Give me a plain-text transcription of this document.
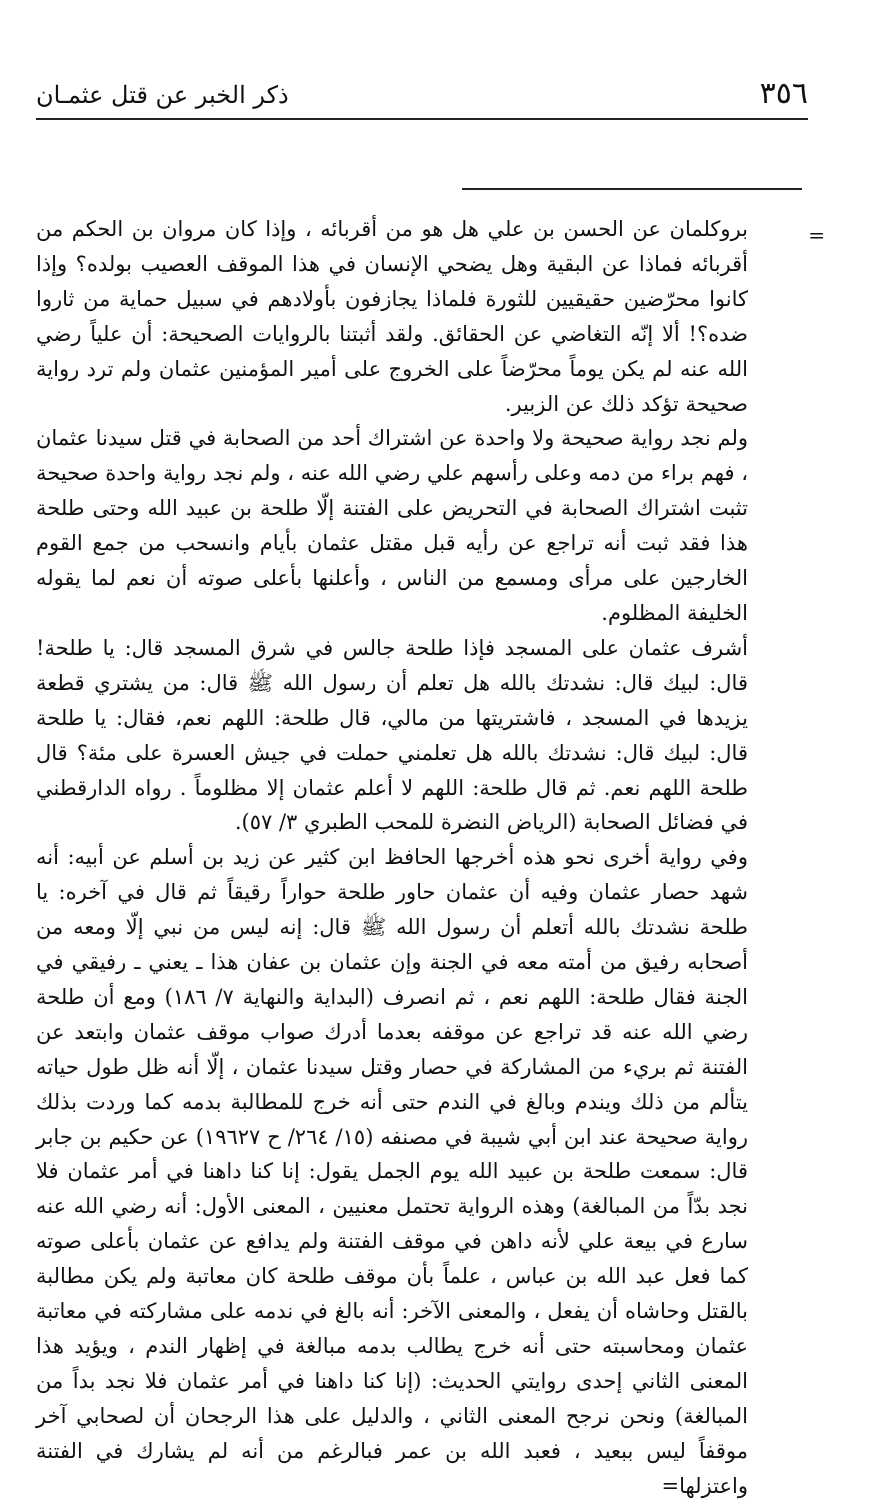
٣٥٦
ذكر الخبر عن قتل عثمـان
=

بروكلمان عن الحسن بن علي هل هو من أقربائه ، وإذا كان مروان بن الحكم من أقربائه فماذا عن البقية وهل يضحي الإنسان في هذا الموقف العصيب بولده؟ وإذا كانوا محرّضين حقيقيين للثورة فلماذا يجازفون بأولادهم في سبيل حماية من ثاروا ضده؟! ألا إنّه التغاضي عن الحقائق. ولقد أثبتنا بالروايات الصحيحة: أن علياً رضي الله عنه لم يكن يوماً محرّضاً على الخروج على أمير المؤمنين عثمان ولم ترد رواية صحيحة تؤكد ذلك عن الزبير.

ولم نجد رواية صحيحة ولا واحدة عن اشتراك أحد من الصحابة في قتل سيدنا عثمان ، فهم براء من دمه وعلى رأسهم علي رضي الله عنه ، ولم نجد رواية واحدة صحيحة تثبت اشتراك الصحابة في التحريض على الفتنة إلّا طلحة بن عبيد الله وحتى طلحة هذا فقد ثبت أنه تراجع عن رأيه قبل مقتل عثمان بأيام وانسحب من جمع القوم الخارجين على مرأى ومسمع من الناس ، وأعلنها بأعلى صوته أن نعم لما يقوله الخليفة المظلوم.

أشرف عثمان على المسجد فإذا طلحة جالس في شرق المسجد قال: يا طلحة! قال: لبيك قال: نشدتك بالله هل تعلم أن رسول الله ﷺ قال: من يشتري قطعة يزيدها في المسجد ، فاشتريتها من مالي، قال طلحة: اللهم نعم، فقال: يا طلحة قال: لبيك قال: نشدتك بالله هل تعلمني حملت في جيش العسرة على مئة؟ قال طلحة اللهم نعم. ثم قال طلحة: اللهم لا أعلم عثمان إلا مظلوماً . رواه الدارقطني في فضائل الصحابة (الرياض النضرة للمحب الطبري ٣/ ٥٧).

وفي رواية أخرى نحو هذه أخرجها الحافظ ابن كثير عن زيد بن أسلم عن أبيه: أنه شهد حصار عثمان وفيه أن عثمان حاور طلحة حواراً رقيقاً ثم قال في آخره: يا طلحة نشدتك بالله أتعلم أن رسول الله ﷺ قال: إنه ليس من نبي إلّا ومعه من أصحابه رفيق من أمته معه في الجنة وإن عثمان بن عفان هذا ـ يعني ـ رفيقي في الجنة فقال طلحة: اللهم نعم ، ثم انصرف (البداية والنهاية ٧/ ١٨٦) ومع أن طلحة رضي الله عنه قد تراجع عن موقفه بعدما أدرك صواب موقف عثمان وابتعد عن الفتنة ثم بريء من المشاركة في حصار وقتل سيدنا عثمان ، إلّا أنه ظل طول حياته يتألم من ذلك ويندم وبالغ في الندم حتى أنه خرج للمطالبة بدمه كما وردت بذلك رواية صحيحة عند ابن أبي شيبة في مصنفه (١٥/ ٢٦٤/ ح ١٩٦٢٧) عن حكيم بن جابر قال: سمعت طلحة بن عبيد الله يوم الجمل يقول: إنا كنا داهنا في أمر عثمان فلا نجد بدّاً من المبالغة) وهذه الرواية تحتمل معنيين ، المعنى الأول: أنه رضي الله عنه سارع في بيعة علي لأنه داهن في موقف الفتنة ولم يدافع عن عثمان بأعلى صوته كما فعل عبد الله بن عباس ، علماً بأن موقف طلحة كان معاتبة ولم يكن مطالبة بالقتل وحاشاه أن يفعل ، والمعنى الآخر: أنه بالغ في ندمه على مشاركته في معاتبة عثمان ومحاسبته حتى أنه خرج يطالب بدمه مبالغة في إظهار الندم ، ويؤيد هذا المعنى الثاني إحدى روايتي الحديث: (إنا كنا داهنا في أمر عثمان فلا نجد بداً من المبالغة) ونحن نرجح المعنى الثاني ، والدليل على هذا الرجحان أن لصحابي آخر موقفاً ليس ببعيد ، فعبد الله بن عمر فبالرغم من أنه لم يشارك في الفتنة واعتزلها=
